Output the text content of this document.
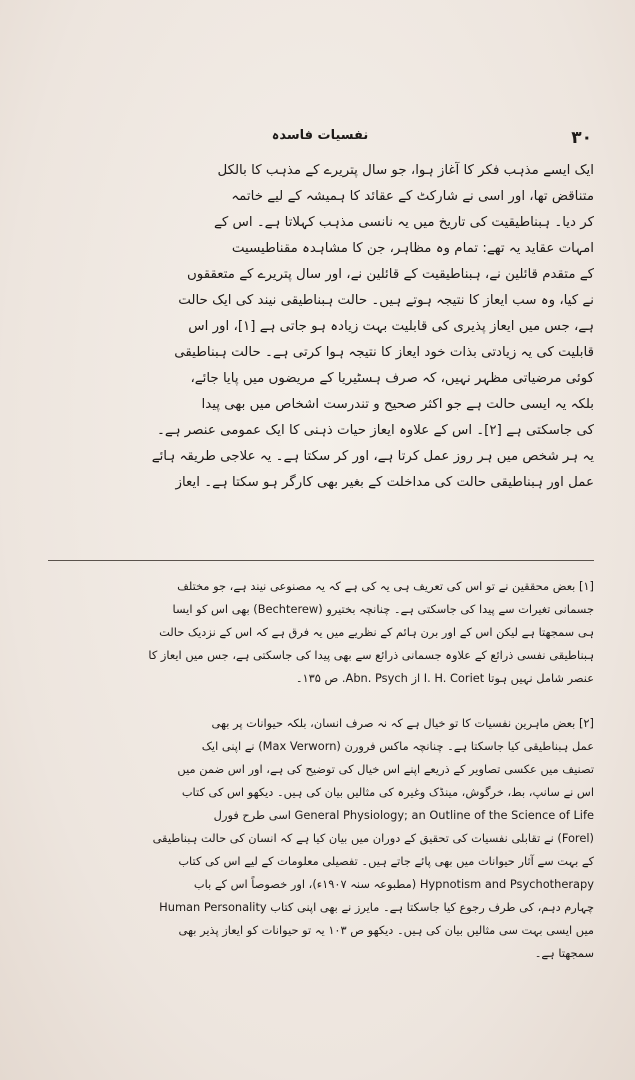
نفسیات فاسدہ	۳۰
ایک ایسے مذہب فکر کا آغاز ہوا، جو سال پتریرے کے مذہب کا بالکل
متناقض تھا، اور اسی نے شارکٹ کے عقائد کا ہمیشہ کے لیے خاتمہ
کر دیا۔ ہبناطیقیت کی تاریخ میں یہ نانسی مذہب کہلاتا ہے۔ اس کے
امہات عقاید یہ تھے: تمام وہ مظاہر، جن کا مشاہدہ مقناطیسیت
کے متقدم قائلین نے، ہبناطیقیت کے قائلین نے، اور سال پتریرے کے متعققوں
نے کیا، وہ سب ایعاز کا نتیجہ ہوتے ہیں۔ حالت ہبناطیقی نیند کی ایک حالت
ہے، جس میں ایعاز پذیری کی قابلیت بہت زیادہ ہو جاتی ہے [۱]، اور اس
قابلیت کی یہ زیادتی بذات خود ایعاز کا نتیجہ ہوا کرتی ہے۔ حالت ہبناطیقی
کوئی مرضیاتی مظہر نہیں، کہ صرف ہسٹیریا کے مریضوں میں پایا جائے،
بلکہ یہ ایسی حالت ہے جو اکثر صحیح و تندرست اشخاص میں بھی پیدا
کی جاسکتی ہے [۲]۔ اس کے علاوہ ایعاز حیات ذہنی کا ایک عمومی عنصر ہے۔
یہ ہر شخص میں ہر روز عمل کرتا ہے، اور کر سکتا ہے۔ یہ علاجی طریقہ ہائے
عمل اور ہبناطیقی حالت کی مداخلت کے بغیر بھی کارگر ہو سکتا ہے۔ ایعاز
[۱] بعض محققین نے تو اس کی تعریف ہی یہ کی ہے کہ یہ مصنوعی نیند ہے، جو مختلف
جسمانی تغیرات سے پیدا کی جاسکتی ہے۔ چنانچہ بختیرو (Bechterew) بھی اس کو ایسا
ہی سمجھتا ہے لیکن اس کے اور برن ہائم کے نظریے میں یہ فرق ہے کہ اس کے نزدیک حالت
ہبناطیقی نفسی ذرائع کے علاوہ جسمانی ذرائع سے بھی پیدا کی جاسکتی ہے، جس میں ایعاز کا
عنصر شامل نہیں ہوتا I. H. Coriet از Abn. Psych. ص ۱۳۵۔
[۲] بعض ماہرین نفسیات کا تو خیال ہے کہ نہ صرف انسان، بلکہ حیوانات پر بھی
عمل ہبناطیقی کیا جاسکتا ہے۔ چنانچہ ماکس فرورن (Max Verworn) نے اپنی ایک
تصنیف میں عکسی تصاویر کے ذریعے اپنے اس خیال کی توضیح کی ہے، اور اس ضمن میں
اس نے سانپ، بط، خرگوش، مینڈک وغیرہ کی مثالیں بیان کی ہیں۔ دیکھو اس کی کتاب
General Physiology; an Outline of the Science of Life اسی طرح فورل
(Forel) نے تقابلی نفسیات کی تحقیق کے دوران میں بیان کیا ہے کہ انسان کی حالت ہبناطیقی
کے بہت سے آثار حیوانات میں بھی پائے جاتے ہیں۔ تفصیلی معلومات کے لیے اس کی کتاب
Hypnotism and Psychotherapy (مطبوعہ سنہ ۱۹۰۷ء)، اور خصوصاً اس کے باب
چہارم دہم، کی طرف رجوع کیا جاسکتا ہے۔ مایرز نے بھی اپنی کتاب Human Personality
میں ایسی بہت سی مثالیں بیان کی ہیں۔ دیکھو ص ۱۰۳ یہ تو حیوانات کو ایعاز پذیر بھی
سمجھتا ہے۔
